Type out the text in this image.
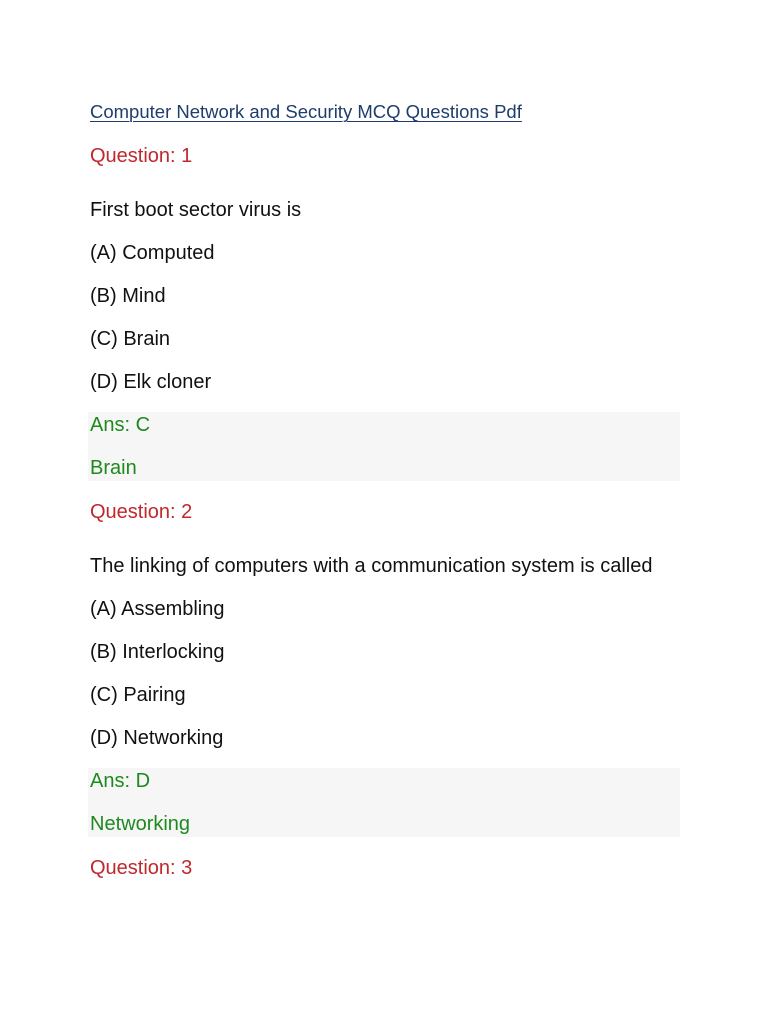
Computer Network and Security MCQ Questions Pdf
Question: 1
First boot sector virus is
(A) Computed
(B) Mind
(C) Brain
(D) Elk cloner
Ans: C
Brain
Question: 2
The linking of computers with a communication system is called
(A) Assembling
(B) Interlocking
(C) Pairing
(D) Networking
Ans: D
Networking
Question: 3
